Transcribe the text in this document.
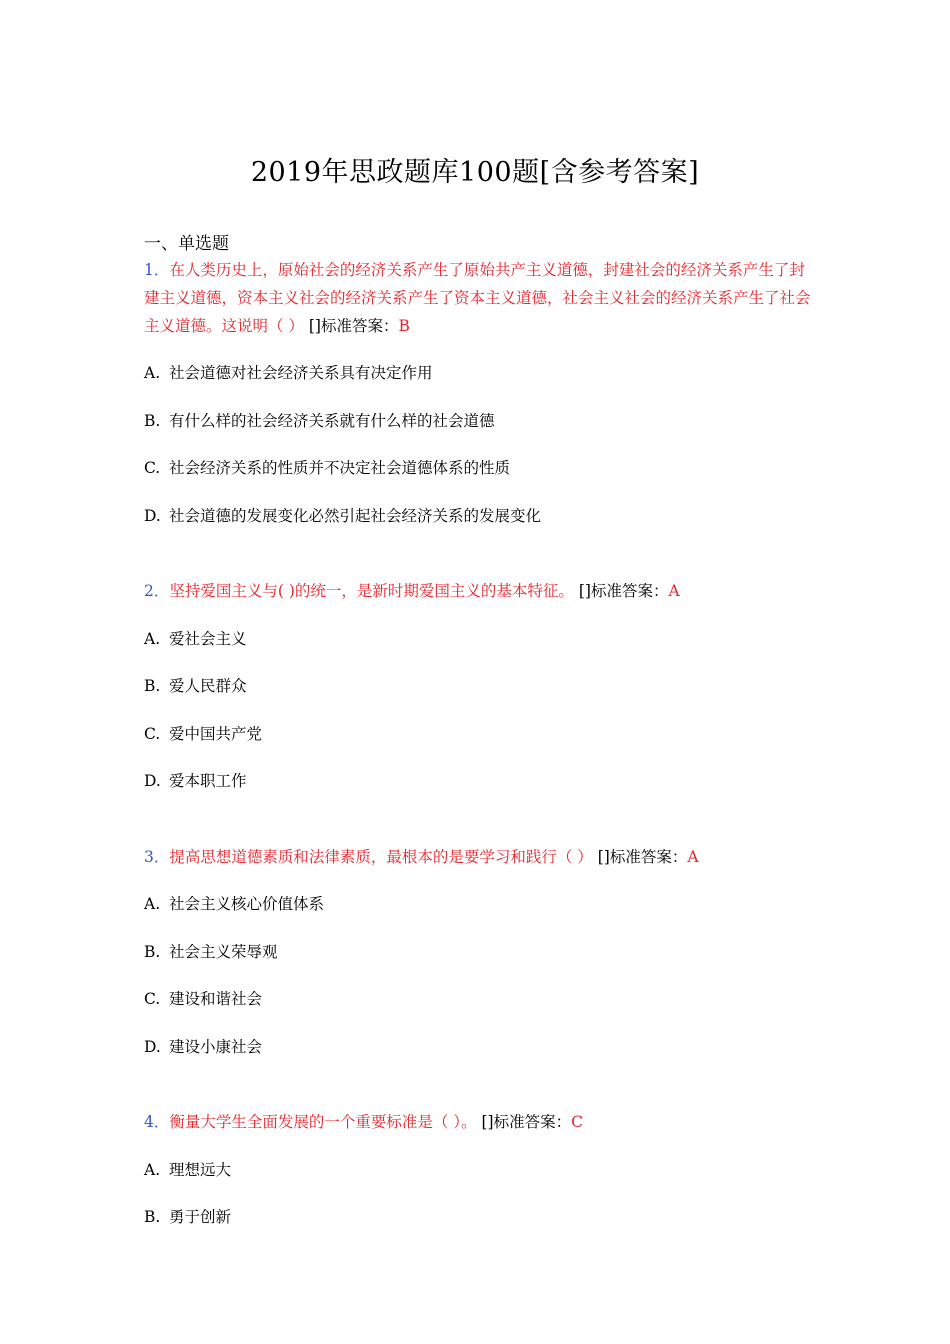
2019年思政题库100题[含参考答案]
一、单选题
1．在人类历史上，原始社会的经济关系产生了原始共产主义道德，封建社会的经济关系产生了封建主义道德，资本主义社会的经济关系产生了资本主义道德，社会主义社会的经济关系产生了社会主义道德。这说明（ ） []标准答案：B
A. 社会道德对社会经济关系具有决定作用
B. 有什么样的社会经济关系就有什么样的社会道德
C. 社会经济关系的性质并不决定社会道德体系的性质
D. 社会道德的发展变化必然引起社会经济关系的发展变化
2．坚持爱国主义与( )的统一，是新时期爱国主义的基本特征。 []标准答案：A
A. 爱社会主义
B. 爱人民群众
C. 爱中国共产党
D. 爱本职工作
3．提高思想道德素质和法律素质，最根本的是要学习和践行（ ） []标准答案：A
A. 社会主义核心价值体系
B. 社会主义荣辱观
C. 建设和谐社会
D. 建设小康社会
4．衡量大学生全面发展的一个重要标准是（ ）。 []标准答案：C
A. 理想远大
B. 勇于创新
